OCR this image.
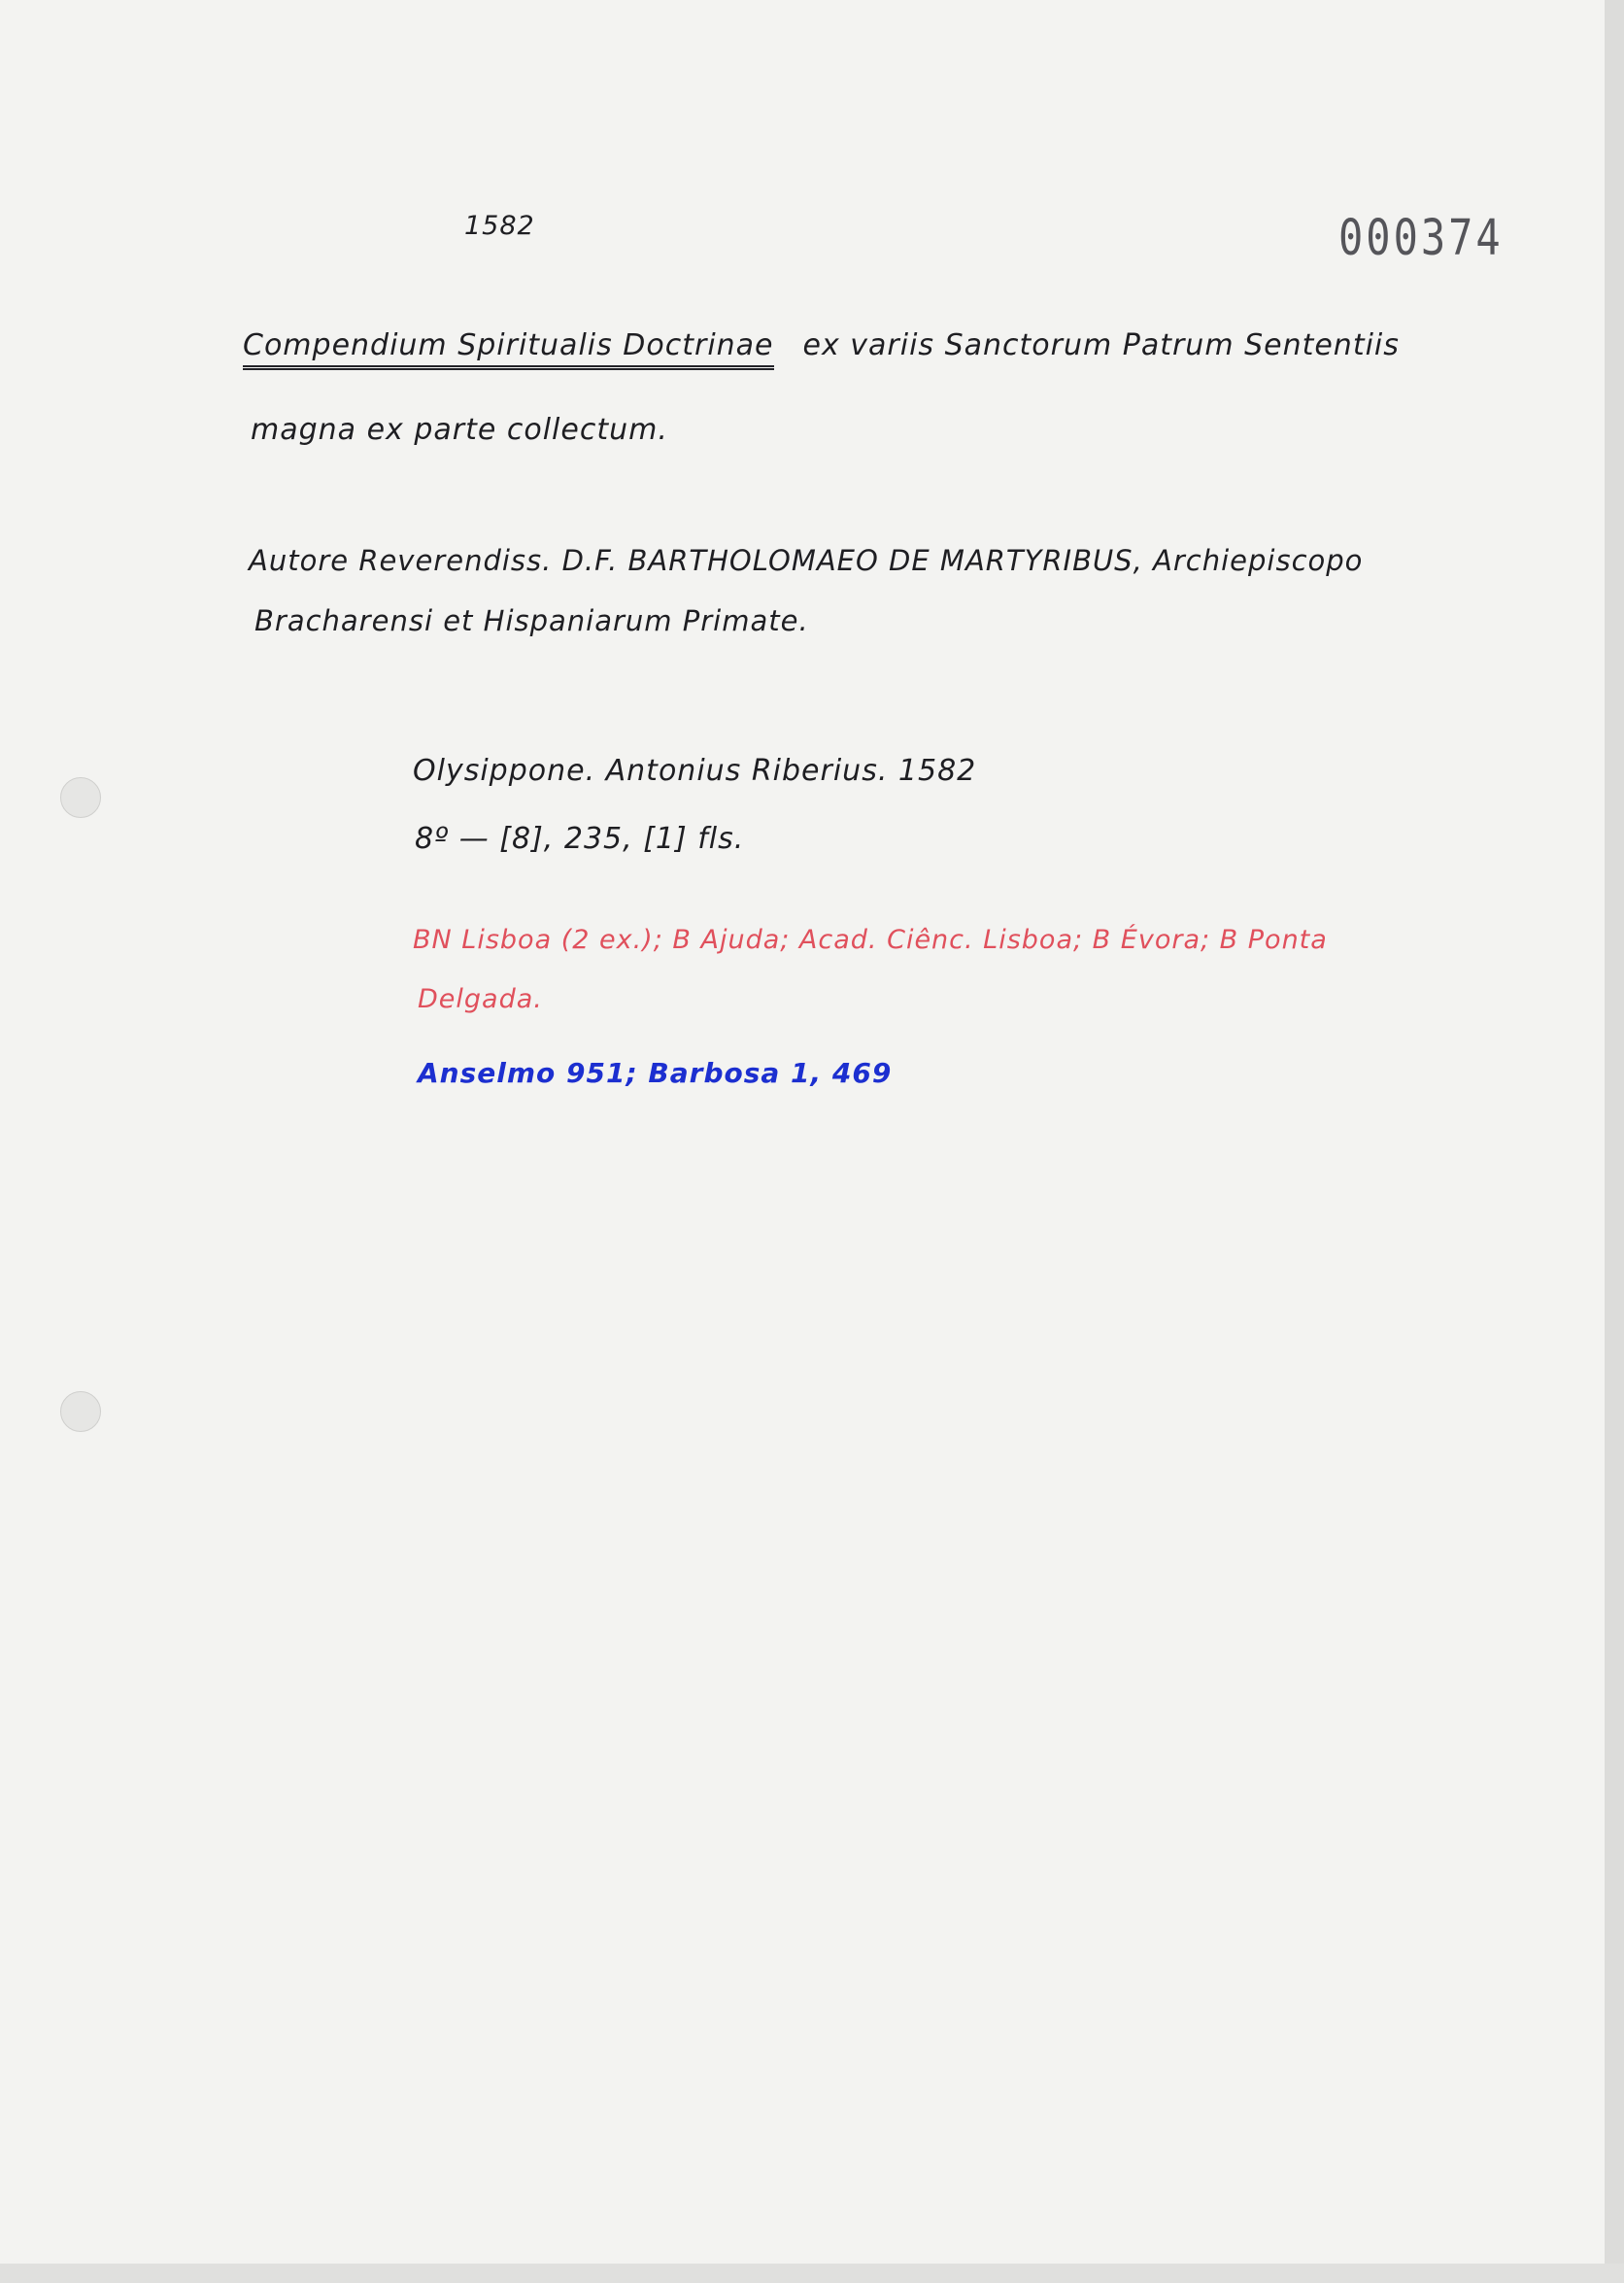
1582	000374
Compendium Spiritualis Doctrinae ex variis Sanctorum Patrum Sententiis
magna ex parte collectum.
Autore Reverendiss. D.F. BARTHOLOMAEO DE MARTYRIBUS, Archiepiscopo
Bracharensi et Hispaniarum Primate.
Olysippone. Antonius Riberius. 1582
8º — [8], 235, [1] fls.
BN Lisboa (2 ex.); B Ajuda; Acad. Ciênc. Lisboa; B Évora; B Ponta
Delgada.
Anselmo 951; Barbosa 1, 469
